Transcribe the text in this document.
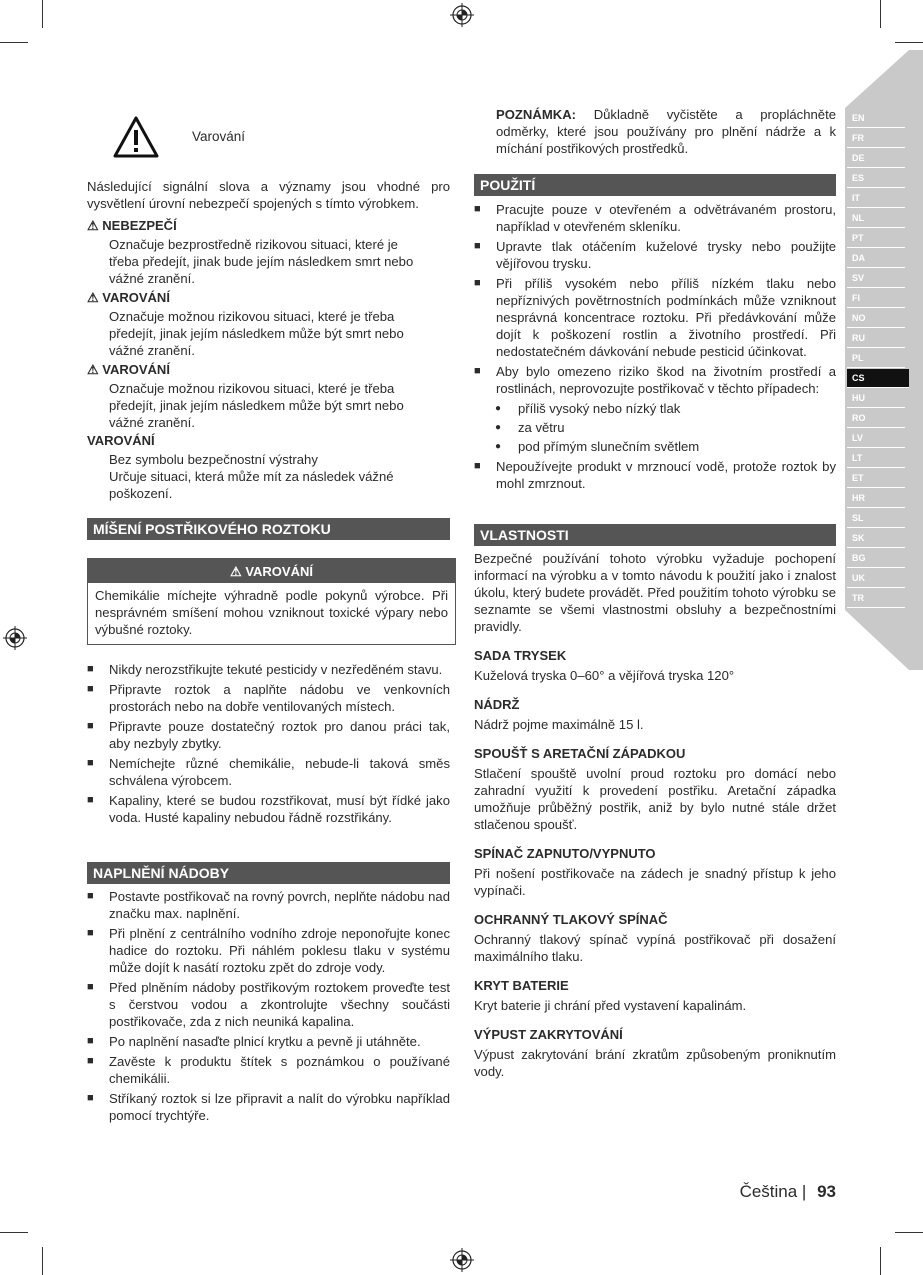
EN
FR
DE
ES
IT
NL
PT
DA
SV
FI
NO
RU
PL
CS
HU
RO
LV
LT
ET
HR
SL
SK
BG
UK
TR
Varování

Následující signální slova a významy jsou vhodné pro vysvětlení úrovní nebezpečí spojených s tímto výrobkem.

⚠ NEBEZPEČÍ

Označuje bezprostředně rizikovou situaci, které je

třeba předejít, jinak bude jejím následkem smrt nebo

vážné zranění.

⚠ VAROVÁNÍ

Označuje možnou rizikovou situaci, které je třeba

předejít, jinak jejím následkem může být smrt nebo

vážné zranění.

⚠ VAROVÁNÍ

Označuje možnou rizikovou situaci, které je třeba

předejít, jinak jejím následkem může být smrt nebo

vážné zranění.

VAROVÁNÍ

Bez symbolu bezpečnostní výstrahy

Určuje situaci, která může mít za následek vážné

poškození.

MÍŠENÍ POSTŘIKOVÉHO ROZTOKU
⚠ VAROVÁNÍ

Chemikálie míchejte výhradně podle pokynů výrobce. Při nesprávném smíšení mohou vzniknout toxické výpary nebo výbušné roztoky.

■ Nikdy nerozstřikujte tekuté pesticidy v nezředěném stavu.

■ Připravte roztok a naplňte nádobu ve venkovních prostorách nebo na dobře ventilovaných místech.

■ Připravte pouze dostatečný roztok pro danou práci tak, aby nezbyly zbytky.

■ Nemíchejte různé chemikálie, nebude-li taková směs schválena výrobcem.

■ Kapaliny, které se budou rozstřikovat, musí být řídké jako voda. Husté kapaliny nebudou řádně rozstřikány.

NAPLNĚNÍ NÁDOBY

■ Postavte postřikovač na rovný povrch, neplňte nádobu nad značku max. naplnění.

■ Při plnění z centrálního vodního zdroje neponořujte konec hadice do roztoku. Při náhlém poklesu tlaku v systému může dojít k nasátí roztoku zpět do zdroje vody.

■ Před plněním nádoby postřikovým roztokem proveďte test s čerstvou vodou a zkontrolujte všechny součásti postřikovače, zda z nich neuniká kapalina.

■ Po naplnění nasaďte plnicí krytku a pevně ji utáhněte.

■ Zavěste k produktu štítek s poznámkou o používané chemikálii.

■ Stříkaný roztok si lze připravit a nalít do výrobku například pomocí trychtýře.

POZNÁMKA: Důkladně vyčistěte a propláchněte odměrky, které jsou používány pro plnění nádrže a k míchání postřikových prostředků.

POUŽITÍ

■ Pracujte pouze v otevřeném a odvětrávaném prostoru, například v otevřeném skleníku.

■ Upravte tlak otáčením kuželové trysky nebo použijte vějířovou trysku.

■ Při příliš vysokém nebo příliš nízkém tlaku nebo nepříznivých povětrnostních podmínkách může vzniknout nesprávná koncentrace roztoku. Při předávkování může dojít k poškození rostlin a životního prostředí. Při nedostatečném dávkování nebude pesticid účinkovat.

■ Aby bylo omezeno riziko škod na životním prostředí a rostlinách, neprovozujte postřikovač v těchto případech:

● příliš vysoký nebo nízký tlak

● za větru

● pod přímým slunečním světlem

■ Nepoužívejte produkt v mrznoucí vodě, protože roztok by mohl zmrznout.

VLASTNOSTI

Bezpečné používání tohoto výrobku vyžaduje pochopení informací na výrobku a v tomto návodu k použití jako i znalost úkolu, který budete provádět. Před použitím tohoto výrobku se seznamte se všemi vlastnostmi obsluhy a bezpečnostními pravidly.

SADA TRYSEK

Kuželová tryska 0–60° a vějířová tryska 120°

NÁDRŽ

Nádrž pojme maximálně 15 l.

SPOUŠŤ S ARETAČNÍ ZÁPADKOU

Stlačení spouště uvolní proud roztoku pro domácí nebo zahradní využití k provedení postřiku. Aretační západka umožňuje průběžný postřik, aniž by bylo nutné stále držet stlačenou spoušť.

SPÍNAČ ZAPNUTO/VYPNUTO

Při nošení postřikovače na zádech je snadný přístup k jeho vypínači.

OCHRANNÝ TLAKOVÝ SPÍNAČ

Ochranný tlakový spínač vypíná postřikovač při dosažení maximálního tlaku.

KRYT BATERIE

Kryt baterie ji chrání před vystavení kapalinám.

VÝPUST ZAKRYTOVÁNÍ

Výpust zakrytování brání zkratům způsobeným proniknutím vody.

Čeština | 93
